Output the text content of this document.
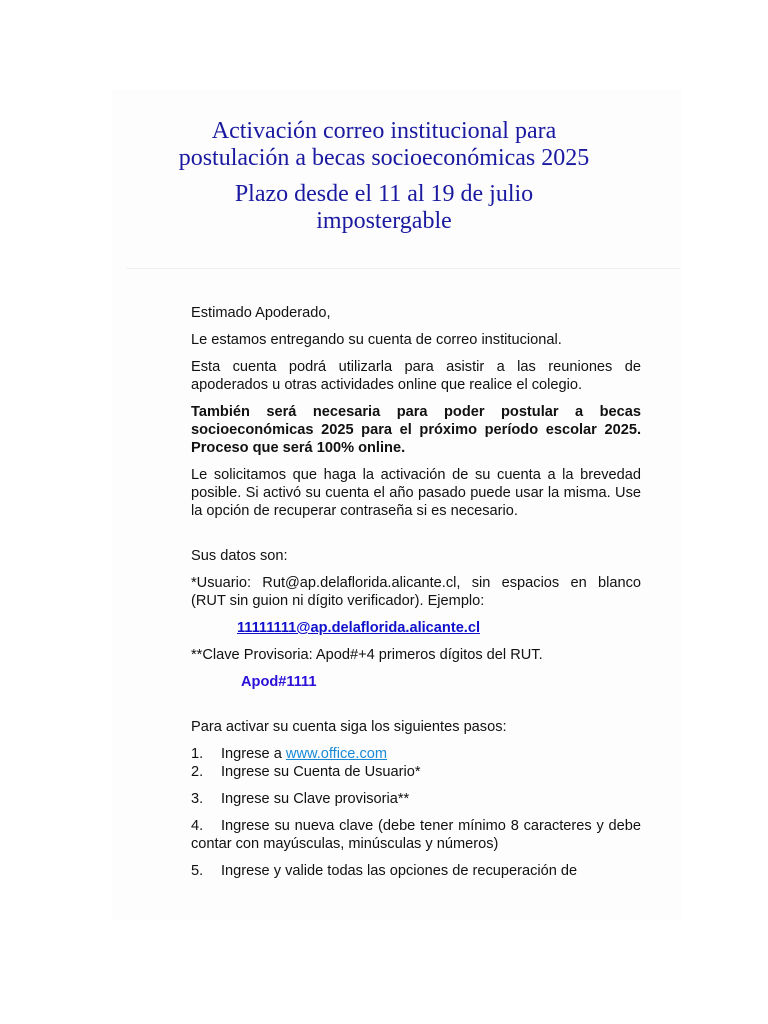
Activación correo institucional para
postulación a becas socioeconómicas 2025
Plazo desde el 11 al 19 de julio
impostergable

Estimado Apoderado,

Le estamos entregando su cuenta de correo institucional.

Esta cuenta podrá utilizarla para asistir a las reuniones de apoderados u otras actividades online que realice el colegio.

También será necesaria para poder postular a becas socioeconómicas 2025 para el próximo período escolar 2025. Proceso que será 100% online.

Le solicitamos que haga la activación de su cuenta a la brevedad posible. Si activó su cuenta el año pasado puede usar la misma. Use la opción de recuperar contraseña si es necesario.

Sus datos son:

*Usuario: Rut@ap.delaflorida.alicante.cl, sin espacios en blanco (RUT sin guion ni dígito verificador). Ejemplo:

11111111@ap.delaflorida.alicante.cl

**Clave Provisoria: Apod#+4 primeros dígitos del RUT.

Apod#1111

Para activar su cuenta siga los siguientes pasos:

1. Ingrese a www.office.com

2. Ingrese su Cuenta de Usuario*

3. Ingrese su Clave provisoria**

4. Ingrese su nueva clave (debe tener mínimo 8 caracteres y debe contar con mayúsculas, minúsculas y números)

5. Ingrese y valide todas las opciones de recuperación de
